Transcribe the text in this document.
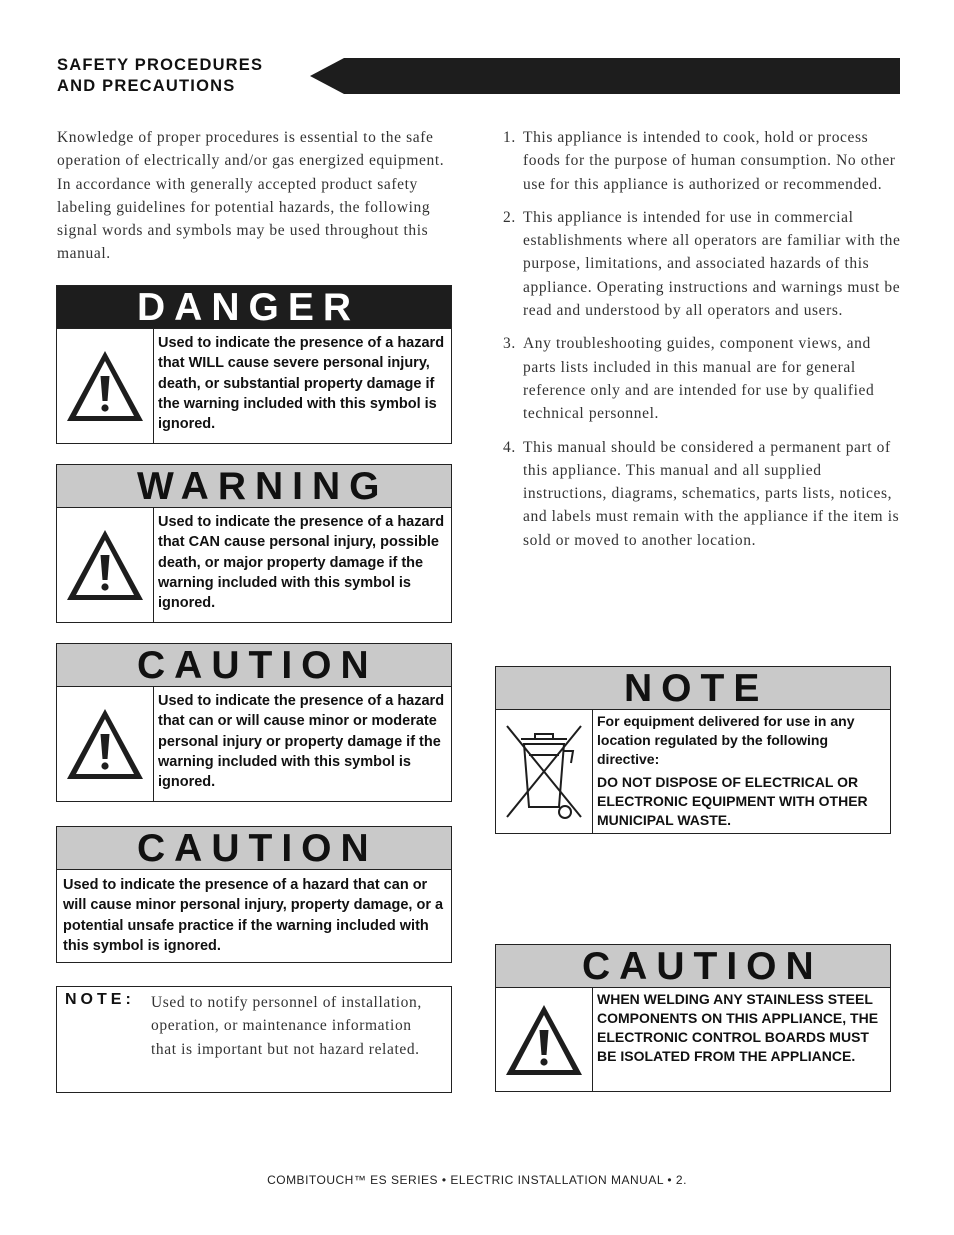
SAFETY PROCEDURES
AND PRECAUTIONS

Knowledge of proper procedures is essential to the safe operation of electrically and/or gas energized equipment. In accordance with generally accepted product safety labeling guidelines for potential hazards, the following signal words and symbols may be used throughout this manual.

1. This appliance is intended to cook, hold or process foods for the purpose of human consumption. No other use for this appliance is authorized or recommended.
2. This appliance is intended for use in commercial establishments where all operators are familiar with the purpose, limitations, and associated hazards of this appliance. Operating instructions and warnings must be read and understood by all operators and users.
3. Any troubleshooting guides, component views, and parts lists included in this manual are for general reference only and are intended for use by qualified technical personnel.
4. This manual should be considered a permanent part of this appliance. This manual and all supplied instructions, diagrams, schematics, parts lists, notices, and labels must remain with the appliance if the item is sold or moved to another location.
DANGER
Used to indicate the presence of a hazard that WILL cause severe personal injury, death, or substantial property damage if the warning included with this symbol is ignored.
WARNING
Used to indicate the presence of a hazard that CAN cause personal injury, possible death, or major property damage if the warning included with this symbol is ignored.
CAUTION
Used to indicate the presence of a hazard that can or will cause minor or moderate personal injury or property damage if the warning included with this symbol is ignored.
CAUTION
Used to indicate the presence of a hazard that can or will cause minor personal injury, property damage, or a potential unsafe practice if the warning included with this symbol is ignored.
NOTE: Used to notify personnel of installation, operation, or maintenance information that is important but not hazard related.
NOTE

For equipment delivered for use in any location regulated by the following directive:

DO NOT DISPOSE OF ELECTRICAL OR ELECTRONIC EQUIPMENT WITH OTHER MUNICIPAL WASTE.

CAUTION
WHEN WELDING ANY STAINLESS STEEL COMPONENTS ON THIS APPLIANCE, THE ELECTRONIC CONTROL BOARDS MUST BE ISOLATED FROM THE APPLIANCE.
COMBITOUCH™ ES SERIES • ELECTRIC INSTALLATION MANUAL • 2.
